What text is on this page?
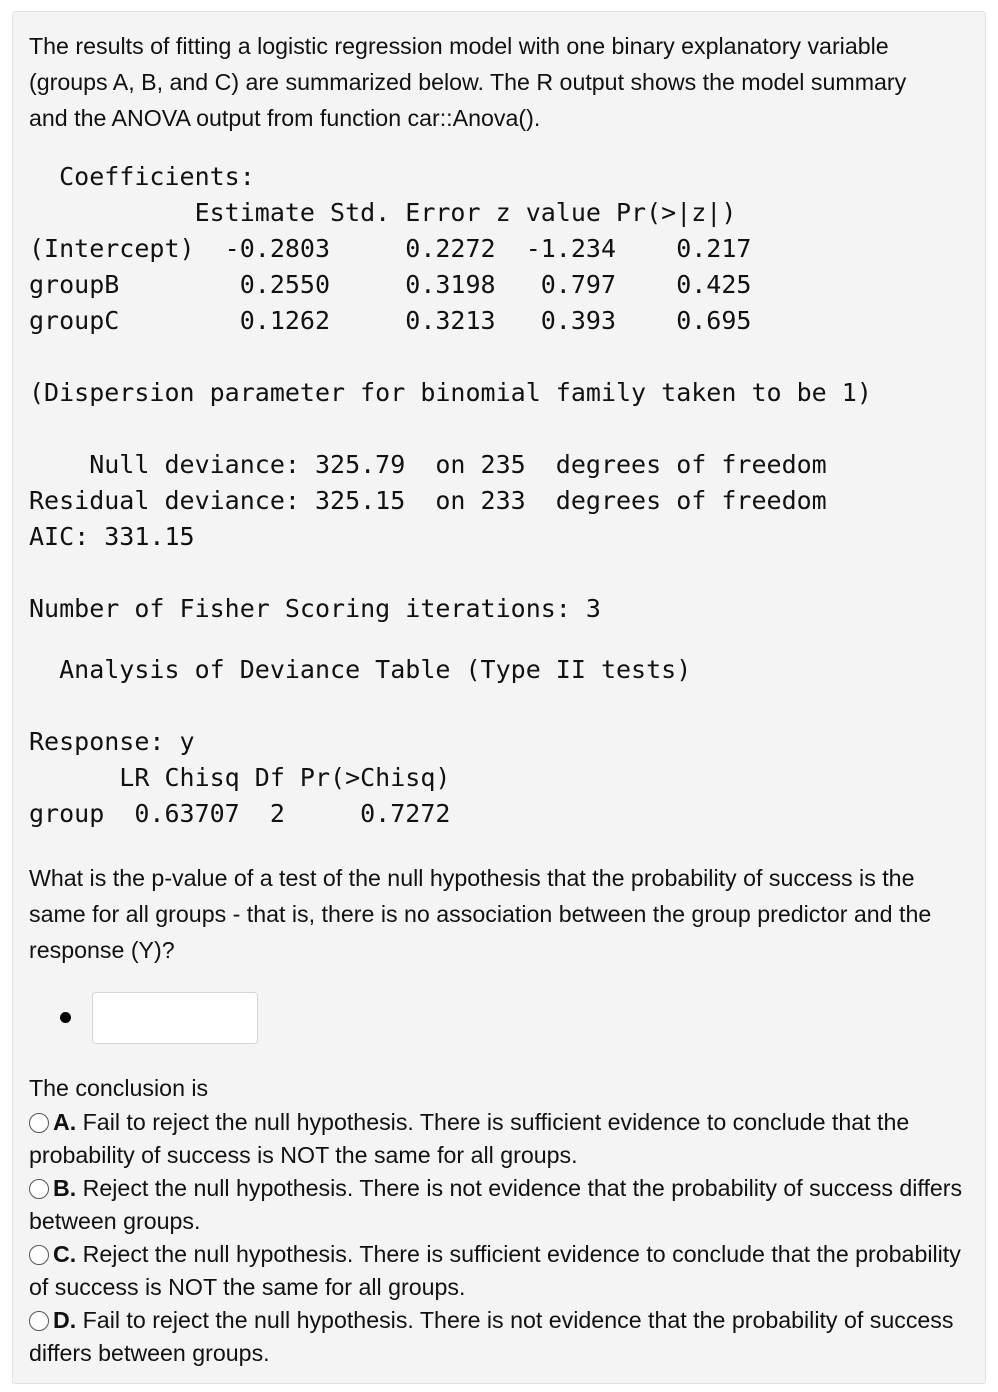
The results of fitting a logistic regression model with one binary explanatory variable (groups A, B, and C) are summarized below. The R output shows the model summary and the ANOVA output from function car::Anova().

Coefficients:
Estimate Std. Error z value Pr(>|z|)
(Intercept)  -0.2803     0.2272  -1.234    0.217
groupB        0.2550     0.3198   0.797    0.425
groupC        0.1262     0.3213   0.393    0.695
(Dispersion parameter for binomial family taken to be 1)
Null deviance: 325.79  on 235  degrees of freedom
Residual deviance: 325.15  on 233  degrees of freedom
AIC: 331.15
Number of Fisher Scoring iterations: 3
Analysis of Deviance Table (Type II tests)
Response: y
LR Chisq Df Pr(>Chisq)
group  0.63707  2     0.7272

What is the p-value of a test of the null hypothesis that the probability of success is the same for all groups - that is, there is no association between the group predictor and the response (Y)?

The conclusion is

A. Fail to reject the null hypothesis. There is sufficient evidence to conclude that the probability of success is NOT the same for all groups.

B. Reject the null hypothesis. There is not evidence that the probability of success differs between groups.

C. Reject the null hypothesis. There is sufficient evidence to conclude that the probability of success is NOT the same for all groups.

D. Fail to reject the null hypothesis. There is not evidence that the probability of success differs between groups.
